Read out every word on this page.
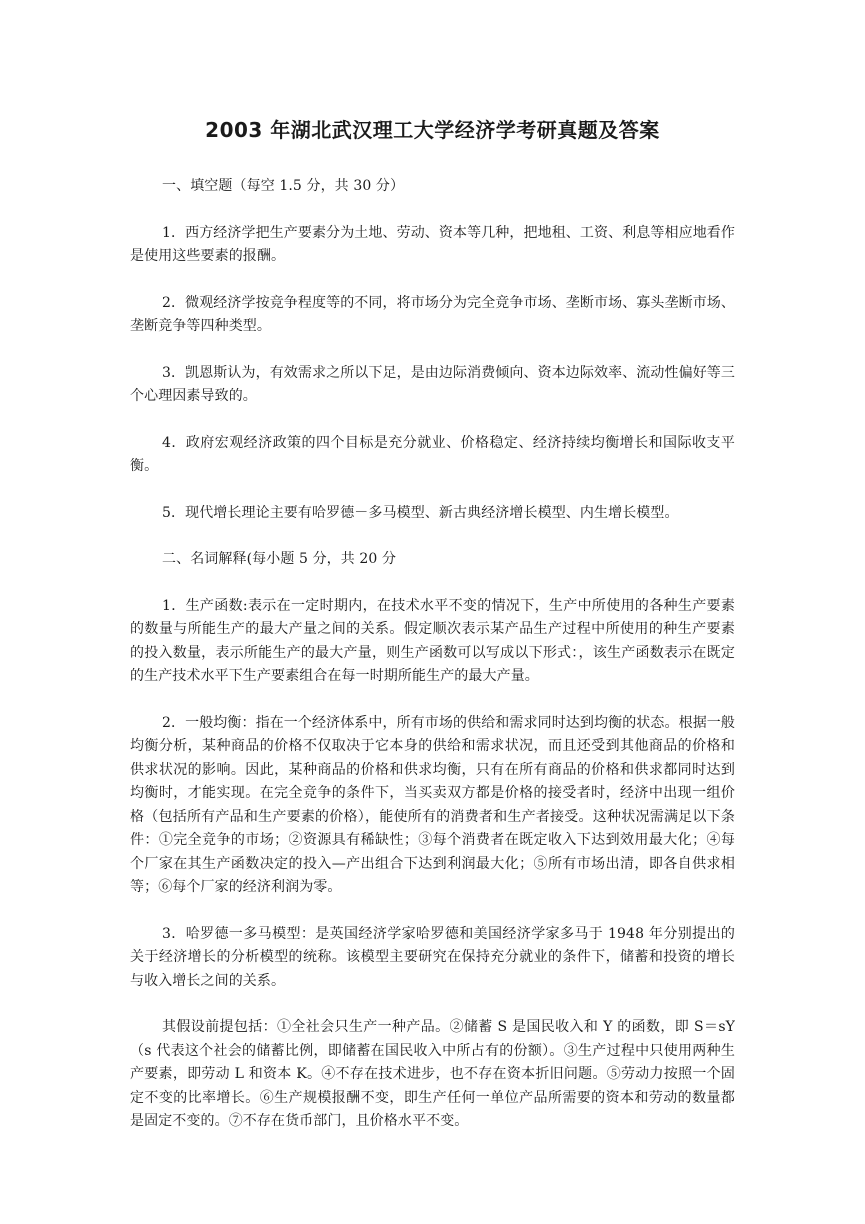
2003 年湖北武汉理工大学经济学考研真题及答案

一、填空题（每空 1.5 分，共 30 分）

1．西方经济学把生产要素分为土地、劳动、资本等几种，把地租、工资、利息等相应地看作是使用这些要素的报酬。

2．微观经济学按竞争程度等的不同，将市场分为完全竞争市场、垄断市场、寡头垄断市场、垄断竞争等四种类型。

3．凯恩斯认为，有效需求之所以下足，是由边际消费倾向、资本边际效率、流动性偏好等三个心理因素导致的。

4．政府宏观经济政策的四个目标是充分就业、价格稳定、经济持续均衡增长和国际收支平衡。

5．现代增长理论主要有哈罗德－多马模型、新古典经济增长模型、内生增长模型。

二、名词解释(每小题 5 分，共 20 分

1．生产函数:表示在一定时期内，在技术水平不变的情况下，生产中所使用的各种生产要素的数量与所能生产的最大产量之间的关系。假定顺次表示某产品生产过程中所使用的种生产要素的投入数量，表示所能生产的最大产量，则生产函数可以写成以下形式：，该生产函数表示在既定的生产技术水平下生产要素组合在每一时期所能生产的最大产量。

2．一般均衡：指在一个经济体系中，所有市场的供给和需求同时达到均衡的状态。根据一般均衡分析，某种商品的价格不仅取决于它本身的供给和需求状况，而且还受到其他商品的价格和供求状况的影响。因此，某种商品的价格和供求均衡，只有在所有商品的价格和供求都同时达到均衡时，才能实现。在完全竞争的条件下，当买卖双方都是价格的接受者时，经济中出现一组价格（包括所有产品和生产要素的价格），能使所有的消费者和生产者接受。这种状况需满足以下条件：①完全竞争的市场；②资源具有稀缺性；③每个消费者在既定收入下达到效用最大化；④每个厂家在其生产函数决定的投入—产出组合下达到利润最大化；⑤所有市场出清，即各自供求相等；⑥每个厂家的经济利润为零。

3．哈罗德一多马模型：是英国经济学家哈罗德和美国经济学家多马于 1948 年分别提出的关于经济增长的分析模型的统称。该模型主要研究在保持充分就业的条件下，储蓄和投资的增长与收入增长之间的关系。

其假设前提包括：①全社会只生产一种产品。②储蓄 S 是国民收入和 Y 的函数，即 S＝sY（s 代表这个社会的储蓄比例，即储蓄在国民收入中所占有的份额）。③生产过程中只使用两种生产要素，即劳动 L 和资本 K。④不存在技术进步，也不存在资本折旧问题。⑤劳动力按照一个固定不变的比率增长。⑥生产规模报酬不变，即生产任何一单位产品所需要的资本和劳动的数量都是固定不变的。⑦不存在货币部门，且价格水平不变。
